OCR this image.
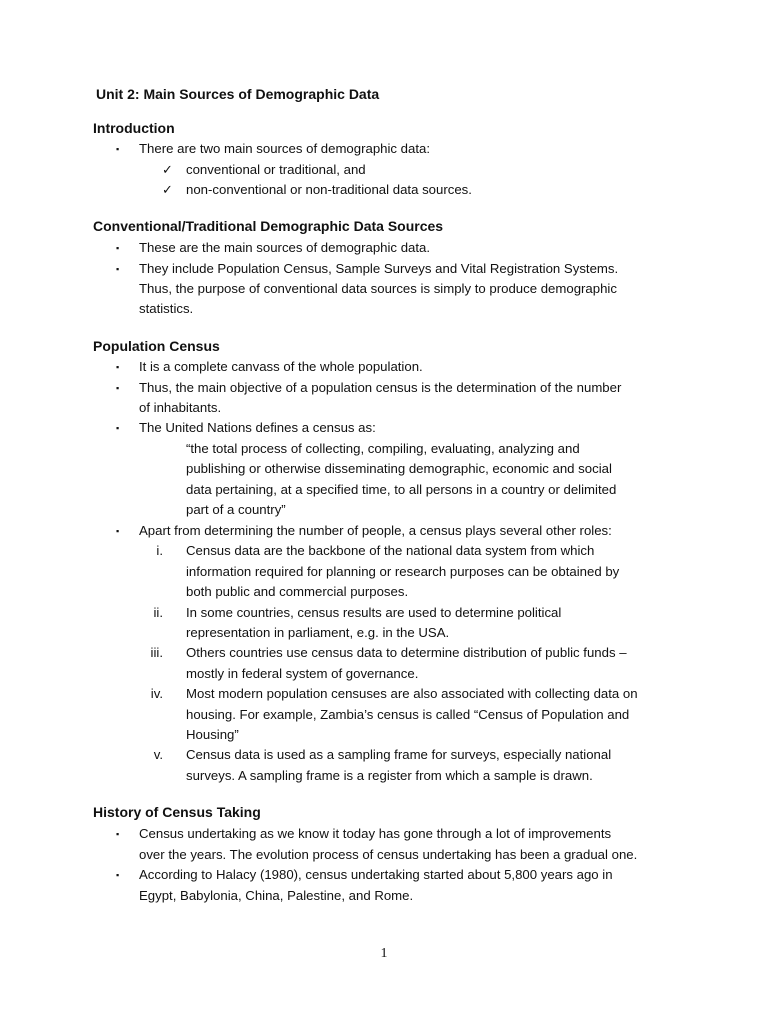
Unit 2: Main Sources of Demographic Data
Introduction
▪
There are two main sources of demographic data:
✓ conventional or traditional, and
✓ non-conventional or non-traditional data sources.
Conventional/Traditional Demographic Data Sources
▪
These are the main sources of demographic data.
▪
They include Population Census, Sample Surveys and Vital Registration Systems.
Thus, the purpose of conventional data sources is simply to produce demographic
statistics.
Population Census
▪
It is a complete canvass of the whole population.
▪
Thus, the main objective of a population census is the determination of the number
of inhabitants.
▪
The United Nations defines a census as:
“the total process of collecting, compiling, evaluating, analyzing and
publishing or otherwise disseminating demographic, economic and social
data pertaining, at a specified time, to all persons in a country or delimited
part of a country”
▪
Apart from determining the number of people, a census plays several other roles:
i. Census data are the backbone of the national data system from which
information required for planning or research purposes can be obtained by
both public and commercial purposes.
ii. In some countries, census results are used to determine political
representation in parliament, e.g. in the USA.
iii. Others countries use census data to determine distribution of public funds –
mostly in federal system of governance.
iv. Most modern population censuses are also associated with collecting data on
housing. For example, Zambia’s census is called “Census of Population and
Housing”
v. Census data is used as a sampling frame for surveys, especially national
surveys. A sampling frame is a register from which a sample is drawn.
History of Census Taking
▪
Census undertaking as we know it today has gone through a lot of improvements
over the years. The evolution process of census undertaking has been a gradual one.
▪
According to Halacy (1980), census undertaking started about 5,800 years ago in
Egypt, Babylonia, China, Palestine, and Rome.
1
